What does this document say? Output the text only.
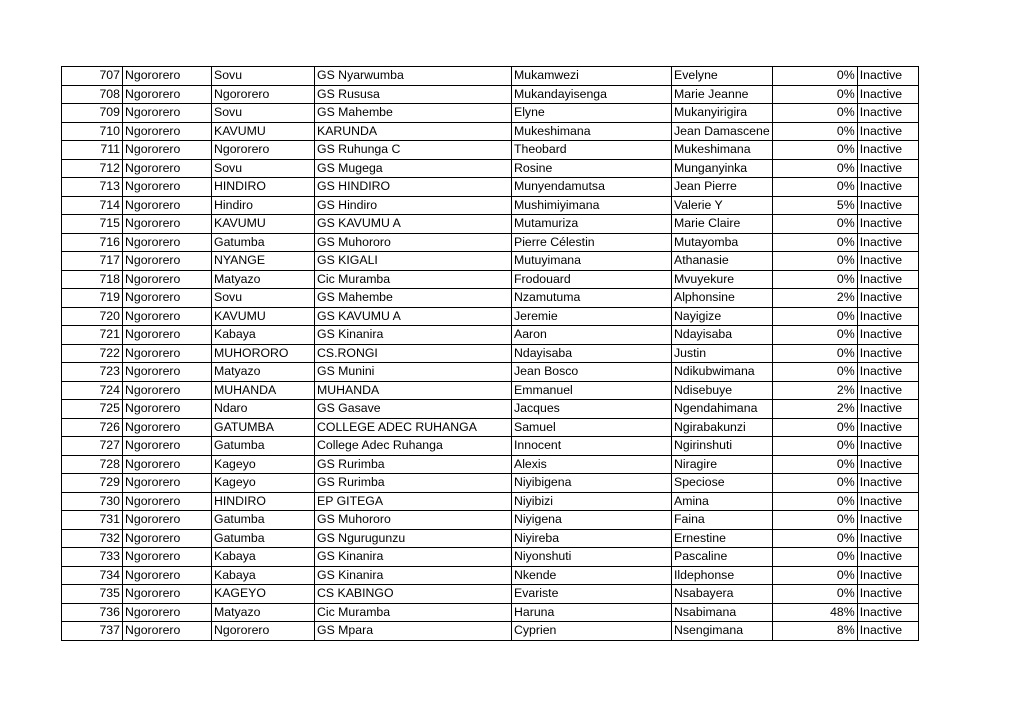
707	Ngororero	Sovu	GS Nyarwumba	Mukamwezi	Evelyne	0%	Inactive
708	Ngororero	Ngororero	GS Rususa	Mukandayisenga	Marie Jeanne	0%	Inactive
709	Ngororero	Sovu	GS Mahembe	Elyne	Mukanyirigira	0%	Inactive
710	Ngororero	KAVUMU	KARUNDA	Mukeshimana	Jean Damascene	0%	Inactive
711	Ngororero	Ngororero	GS Ruhunga C	Theobard	Mukeshimana	0%	Inactive
712	Ngororero	Sovu	GS Mugega	Rosine	Munganyinka	0%	Inactive
713	Ngororero	HINDIRO	GS HINDIRO	Munyendamutsa	Jean Pierre	0%	Inactive
714	Ngororero	Hindiro	GS Hindiro	Mushimiyimana	Valerie Y	5%	Inactive
715	Ngororero	KAVUMU	GS KAVUMU A	Mutamuriza	Marie Claire	0%	Inactive
716	Ngororero	Gatumba	GS Muhororo	Pierre Célestin	Mutayomba	0%	Inactive
717	Ngororero	NYANGE	GS KIGALI	Mutuyimana	Athanasie	0%	Inactive
718	Ngororero	Matyazo	Cic Muramba	Frodouard	Mvuyekure	0%	Inactive
719	Ngororero	Sovu	GS Mahembe	Nzamutuma	Alphonsine	2%	Inactive
720	Ngororero	KAVUMU	GS KAVUMU A	Jeremie	Nayigize	0%	Inactive
721	Ngororero	Kabaya	GS Kinanira	Aaron	Ndayisaba	0%	Inactive
722	Ngororero	MUHORORO	CS.RONGI	Ndayisaba	Justin	0%	Inactive
723	Ngororero	Matyazo	GS Munini	Jean Bosco	Ndikubwimana	0%	Inactive
724	Ngororero	MUHANDA	MUHANDA	Emmanuel	Ndisebuye	2%	Inactive
725	Ngororero	Ndaro	GS Gasave	Jacques	Ngendahimana	2%	Inactive
726	Ngororero	GATUMBA	COLLEGE ADEC RUHANGA	Samuel	Ngirabakunzi	0%	Inactive
727	Ngororero	Gatumba	College Adec Ruhanga	Innocent	Ngirinshuti	0%	Inactive
728	Ngororero	Kageyo	GS Rurimba	Alexis	Niragire	0%	Inactive
729	Ngororero	Kageyo	GS Rurimba	Niyibigena	Speciose	0%	Inactive
730	Ngororero	HINDIRO	EP GITEGA	Niyibizi	Amina	0%	Inactive
731	Ngororero	Gatumba	GS Muhororo	Niyigena	Faina	0%	Inactive
732	Ngororero	Gatumba	GS Ngurugunzu	Niyireba	Ernestine	0%	Inactive
733	Ngororero	Kabaya	GS Kinanira	Niyonshuti	Pascaline	0%	Inactive
734	Ngororero	Kabaya	GS Kinanira	Nkende	Ildephonse	0%	Inactive
735	Ngororero	KAGEYO	CS KABINGO	Evariste	Nsabayera	0%	Inactive
736	Ngororero	Matyazo	Cic Muramba	Haruna	Nsabimana	48%	Inactive
737	Ngororero	Ngororero	GS Mpara	Cyprien	Nsengimana	8%	Inactive
